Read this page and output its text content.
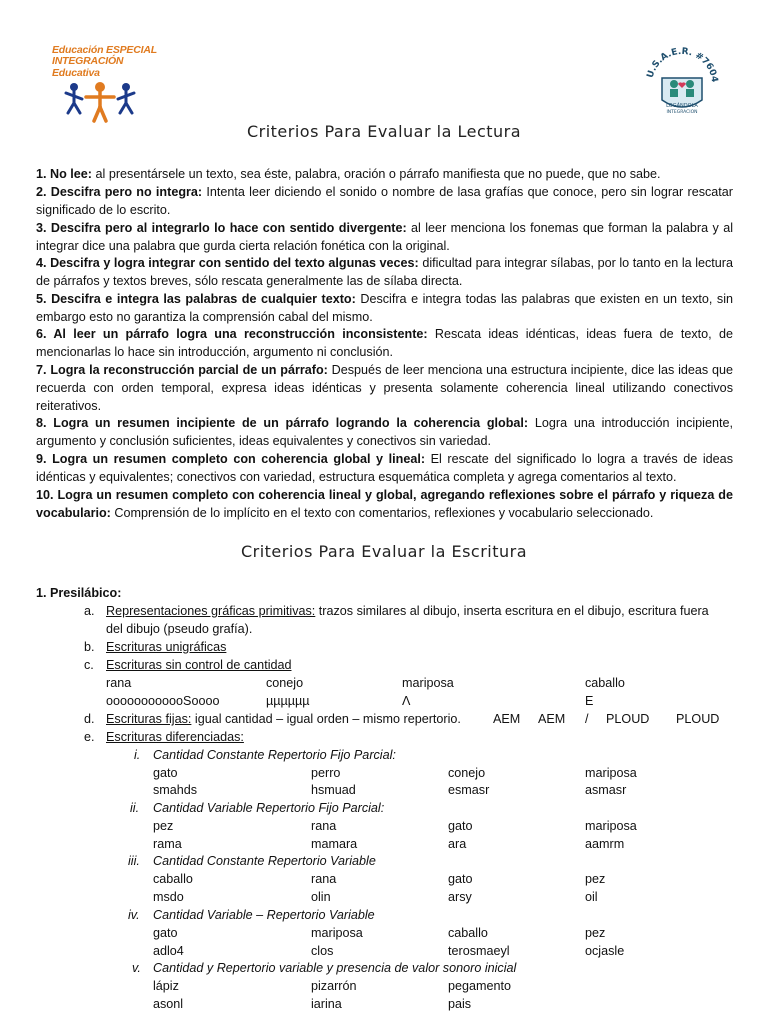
Educación ESPECIAL
INTEGRACIÓN Educativa	U.S.A.E.R. #7604
LOGÁNDOLA
INTEGRACION
Criterios Para Evaluar la Lectura

1. No lee: al presentársele un texto, sea éste, palabra, oración o párrafo manifiesta que no puede, que no sabe.

2. Descifra pero no integra: Intenta leer diciendo el sonido o nombre de lasa grafías que conoce, pero sin lograr rescatar significado de lo escrito.

3. Descifra pero al integrarlo lo hace con sentido divergente: al leer menciona los fonemas que forman la palabra y al integrar dice una palabra que gurda cierta relación fonética con la original.

4. Descifra y logra integrar con sentido del texto algunas veces: dificultad para integrar sílabas, por lo tanto en la lectura de párrafos y textos breves, sólo rescata generalmente las de sílaba directa.

5. Descifra e integra las palabras de cualquier texto: Descifra e integra todas las palabras que existen en un texto, sin embargo esto no garantiza la comprensión cabal del mismo.

6. Al leer un párrafo logra una reconstrucción inconsistente: Rescata ideas idénticas, ideas fuera de texto, de mencionarlas lo hace sin introducción, argumento ni conclusión.

7. Logra la reconstrucción parcial de un párrafo: Después de leer menciona una estructura incipiente, dice las ideas que recuerda con orden temporal, expresa ideas idénticas y presenta solamente coherencia lineal utilizando conectivos reiterativos.

8. Logra un resumen incipiente de un párrafo logrando la coherencia global: Logra una introducción incipiente, argumento y conclusión suficientes, ideas equivalentes y conectivos sin variedad.

9. Logra un resumen completo con coherencia global y lineal: El rescate del significado lo logra a través de ideas idénticas y equivalentes; conectivos con variedad, estructura esquemática completa y agrega comentarios al texto.

10. Logra un resumen completo con coherencia lineal y global, agregando reflexiones sobre el párrafo y riqueza de vocabulario: Comprensión de lo implícito en el texto con comentarios, reflexiones y vocabulario seleccionado.

Criterios Para Evaluar la Escritura
1. Presilábico:
a. Representaciones gráficas primitivas: trazos similares al dibujo, inserta escritura en el dibujo, escritura fuera
del dibujo (pseudo grafía).
b. Escrituras unigráficas
c. Escrituras sin control de cantidad
rana	conejo	mariposa	caballo
oooooooooooSoooo	µµµµµµ	Λ	E
d. Escrituras fijas: igual cantidad – igual orden – mismo repertorio.	AEM AEM / PLOUD PLOUD
e. Escrituras diferenciadas:
i. Cantidad Constante Repertorio Fijo Parcial:
gato	perro	conejo	mariposa
smahds	hsmuad	esmasr	asmasr
ii. Cantidad Variable Repertorio Fijo Parcial:
pez	rana	gato	mariposa
rama	mamara	ara	aamrm
iii. Cantidad Constante Repertorio Variable
caballo	rana	gato	pez
msdo	olin	arsy	oil
iv. Cantidad Variable – Repertorio Variable
gato	mariposa	caballo	pez
adlo4	clos	terosmaeyl	ocjasle
v. Cantidad y Repertorio variable y presencia de valor sonoro inicial
lápiz	pizarrón	pegamento
asonl	iarina	pais
